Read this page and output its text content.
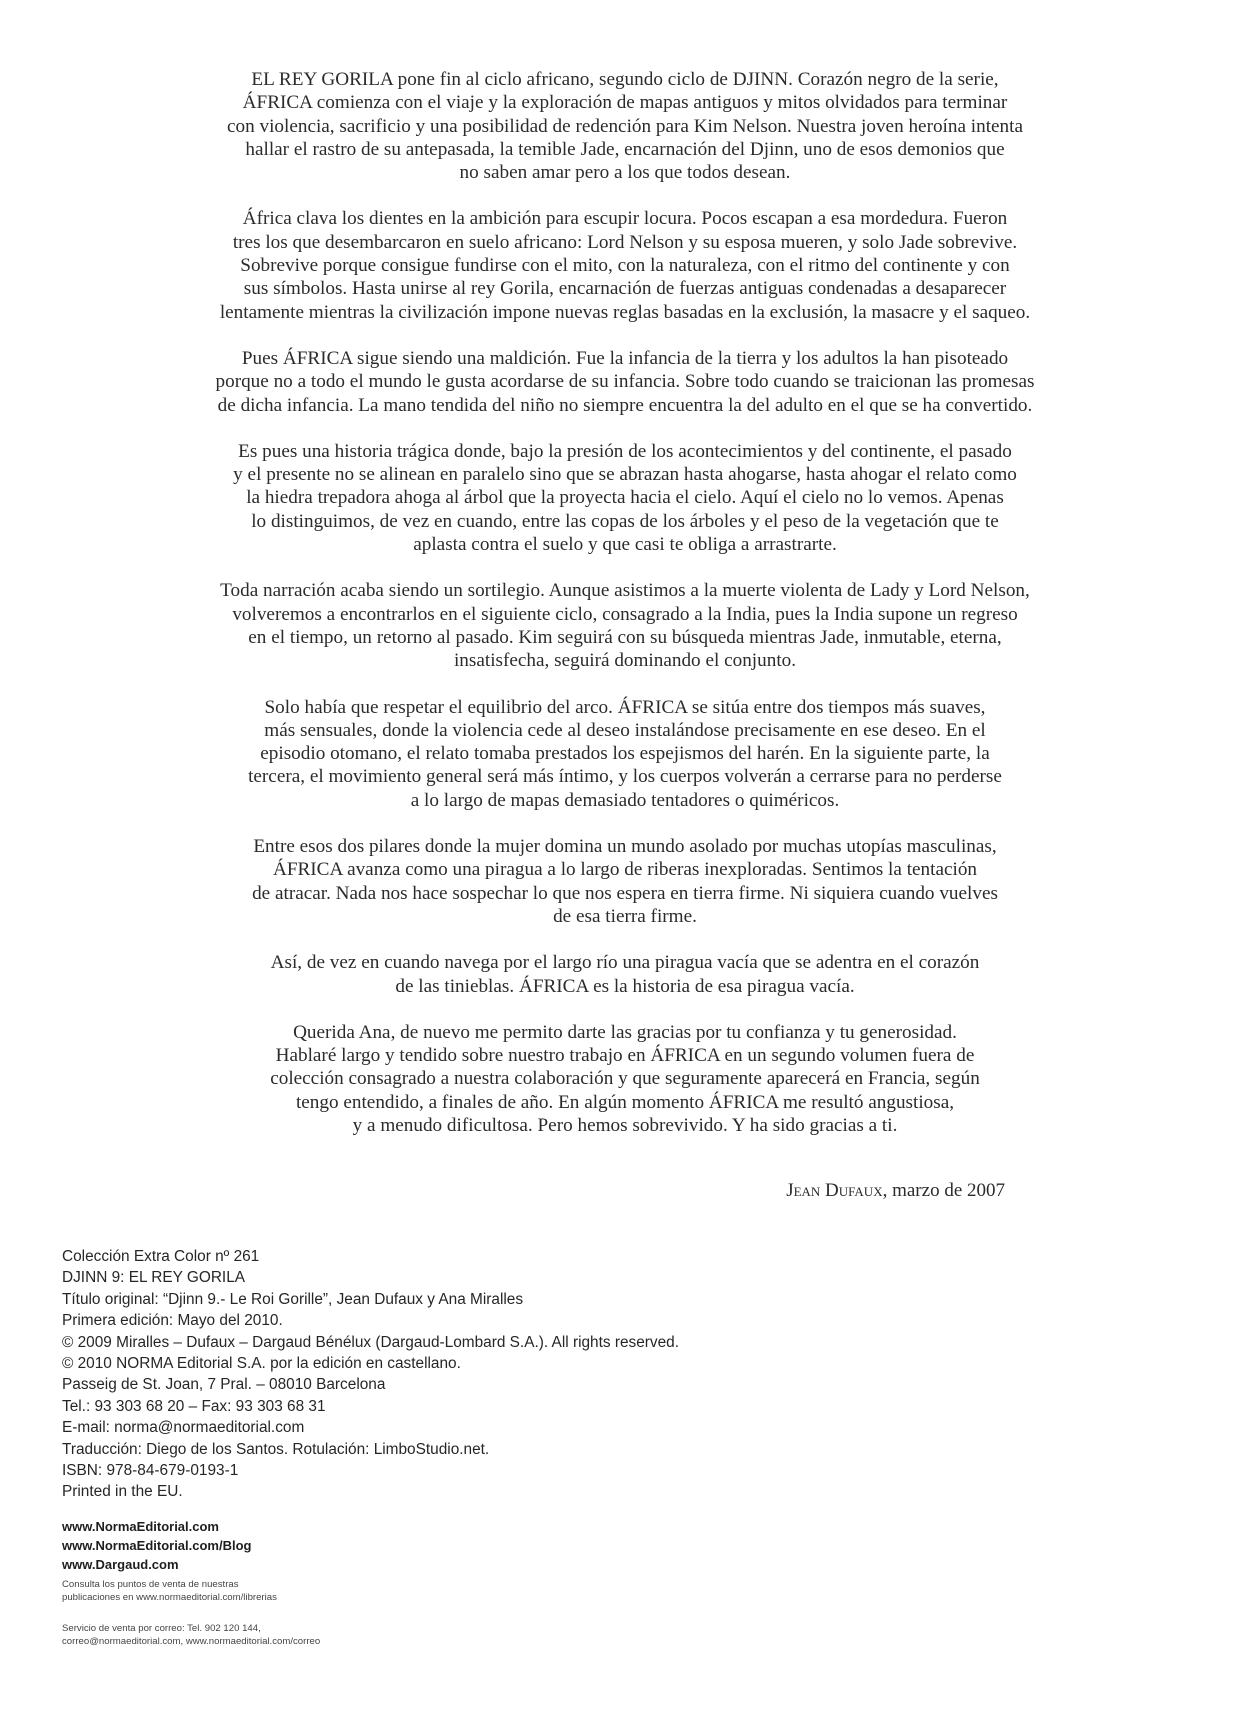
EL REY GORILA pone fin al ciclo africano, segundo ciclo de DJINN. Corazón negro de la serie,
ÁFRICA comienza con el viaje y la exploración de mapas antiguos y mitos olvidados para terminar
con violencia, sacrificio y una posibilidad de redención para Kim Nelson. Nuestra joven heroína intenta
hallar el rastro de su antepasada, la temible Jade, encarnación del Djinn, uno de esos demonios que
no saben amar pero a los que todos desean.

África clava los dientes en la ambición para escupir locura. Pocos escapan a esa mordedura. Fueron
tres los que desembarcaron en suelo africano: Lord Nelson y su esposa mueren, y solo Jade sobrevive.
Sobrevive porque consigue fundirse con el mito, con la naturaleza, con el ritmo del continente y con
sus símbolos. Hasta unirse al rey Gorila, encarnación de fuerzas antiguas condenadas a desaparecer
lentamente mientras la civilización impone nuevas reglas basadas en la exclusión, la masacre y el saqueo.

Pues ÁFRICA sigue siendo una maldición. Fue la infancia de la tierra y los adultos la han pisoteado
porque no a todo el mundo le gusta acordarse de su infancia. Sobre todo cuando se traicionan las promesas
de dicha infancia. La mano tendida del niño no siempre encuentra la del adulto en el que se ha convertido.

Es pues una historia trágica donde, bajo la presión de los acontecimientos y del continente, el pasado
y el presente no se alinean en paralelo sino que se abrazan hasta ahogarse, hasta ahogar el relato como
la hiedra trepadora ahoga al árbol que la proyecta hacia el cielo. Aquí el cielo no lo vemos. Apenas
lo distinguimos, de vez en cuando, entre las copas de los árboles y el peso de la vegetación que te
aplasta contra el suelo y que casi te obliga a arrastrarte.

Toda narración acaba siendo un sortilegio. Aunque asistimos a la muerte violenta de Lady y Lord Nelson,
volveremos a encontrarlos en el siguiente ciclo, consagrado a la India, pues la India supone un regreso
en el tiempo, un retorno al pasado. Kim seguirá con su búsqueda mientras Jade, inmutable, eterna,
insatisfecha, seguirá dominando el conjunto.

Solo había que respetar el equilibrio del arco. ÁFRICA se sitúa entre dos tiempos más suaves,
más sensuales, donde la violencia cede al deseo instalándose precisamente en ese deseo. En el
episodio otomano, el relato tomaba prestados los espejismos del harén. En la siguiente parte, la
tercera, el movimiento general será más íntimo, y los cuerpos volverán a cerrarse para no perderse
a lo largo de mapas demasiado tentadores o quiméricos.

Entre esos dos pilares donde la mujer domina un mundo asolado por muchas utopías masculinas,
ÁFRICA avanza como una piragua a lo largo de riberas inexploradas. Sentimos la tentación
de atracar. Nada nos hace sospechar lo que nos espera en tierra firme. Ni siquiera cuando vuelves
de esa tierra firme.

Así, de vez en cuando navega por el largo río una piragua vacía que se adentra en el corazón
de las tinieblas. ÁFRICA es la historia de esa piragua vacía.

Querida Ana, de nuevo me permito darte las gracias por tu confianza y tu generosidad.
Hablaré largo y tendido sobre nuestro trabajo en ÁFRICA en un segundo volumen fuera de
colección consagrado a nuestra colaboración y que seguramente aparecerá en Francia, según
tengo entendido, a finales de año. En algún momento ÁFRICA me resultó angustiosa,
y a menudo dificultosa. Pero hemos sobrevivido. Y ha sido gracias a ti.

Jean Dufaux, marzo de 2007
Colección Extra Color nº 261
DJINN 9: EL REY GORILA
Título original: “Djinn 9.- Le Roi Gorille”, Jean Dufaux y Ana Miralles
Primera edición: Mayo del 2010.
© 2009 Miralles – Dufaux – Dargaud Bénélux (Dargaud-Lombard S.A.). All rights reserved.
© 2010 NORMA Editorial S.A. por la edición en castellano.
Passeig de St. Joan, 7 Pral. – 08010 Barcelona
Tel.: 93 303 68 20 – Fax: 93 303 68 31
E-mail: norma@normaeditorial.com
Traducción: Diego de los Santos. Rotulación: LimboStudio.net.
ISBN: 978-84-679-0193-1
Printed in the EU.
www.NormaEditorial.com
www.NormaEditorial.com/Blog
www.Dargaud.com
Consulta los puntos de venta de nuestras
publicaciones en www.normaeditorial.com/librerias
Servicio de venta por correo: Tel. 902 120 144,
correo@normaeditorial.com, www.normaeditorial.com/correo
